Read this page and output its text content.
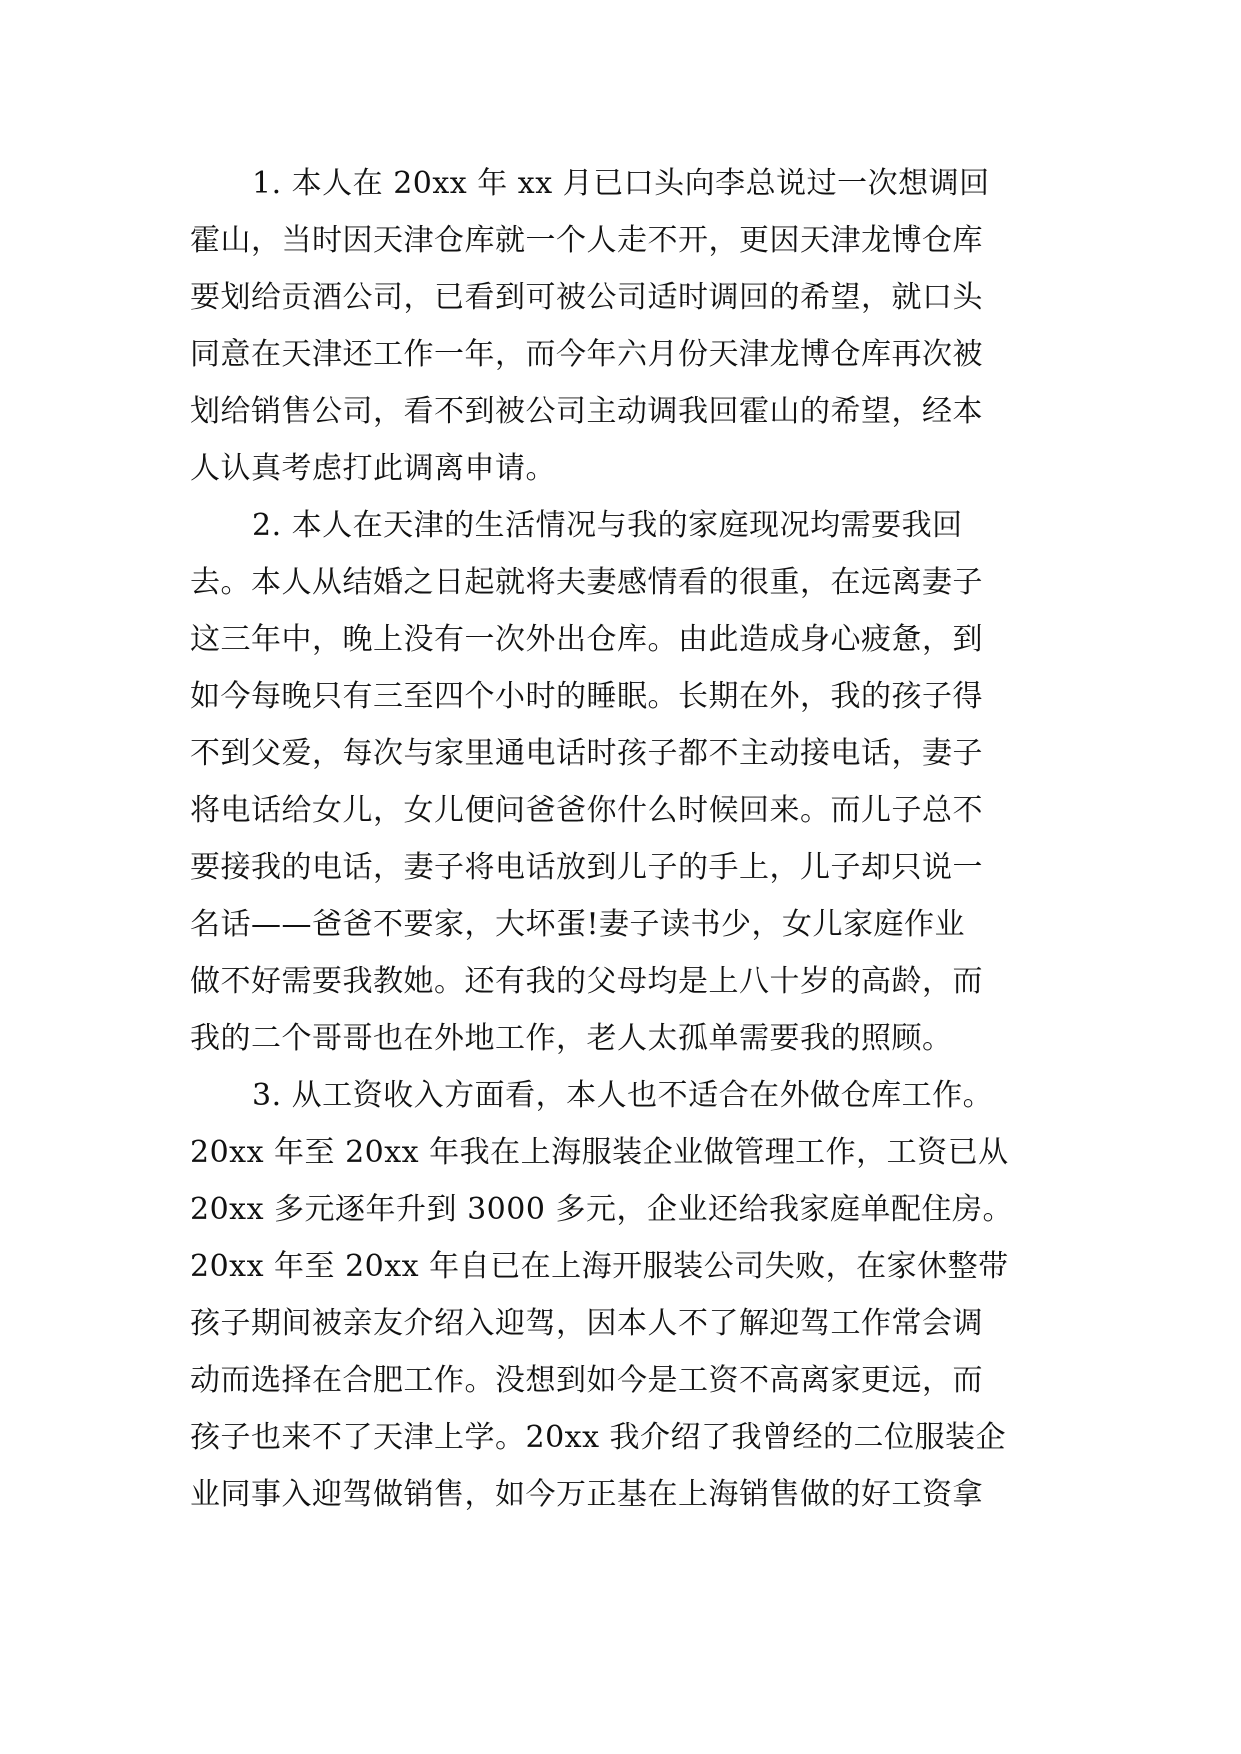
1. 本人在 20xx 年 xx 月已口头向李总说过一次想调回
霍山，当时因天津仓库就一个人走不开，更因天津龙博仓库
要划给贡酒公司，已看到可被公司适时调回的希望，就口头
同意在天津还工作一年，而今年六月份天津龙博仓库再次被
划给销售公司，看不到被公司主动调我回霍山的希望，经本
人认真考虑打此调离申请。
2. 本人在天津的生活情况与我的家庭现况均需要我回
去。本人从结婚之日起就将夫妻感情看的很重，在远离妻子
这三年中，晚上没有一次外出仓库。由此造成身心疲惫，到
如今每晚只有三至四个小时的睡眠。长期在外，我的孩子得
不到父爱，每次与家里通电话时孩子都不主动接电话，妻子
将电话给女儿，女儿便问爸爸你什么时候回来。而儿子总不
要接我的电话，妻子将电话放到儿子的手上，儿子却只说一
名话——爸爸不要家，大坏蛋!妻子读书少，女儿家庭作业
做不好需要我教她。还有我的父母均是上八十岁的高龄，而
我的二个哥哥也在外地工作，老人太孤单需要我的照顾。
3. 从工资收入方面看，本人也不适合在外做仓库工作。
20xx 年至 20xx 年我在上海服装企业做管理工作，工资已从
20xx 多元逐年升到 3000 多元，企业还给我家庭单配住房。
20xx 年至 20xx 年自已在上海开服装公司失败，在家休整带
孩子期间被亲友介绍入迎驾，因本人不了解迎驾工作常会调
动而选择在合肥工作。没想到如今是工资不高离家更远，而
孩子也来不了天津上学。20xx 我介绍了我曾经的二位服装企
业同事入迎驾做销售，如今万正基在上海销售做的好工资拿
